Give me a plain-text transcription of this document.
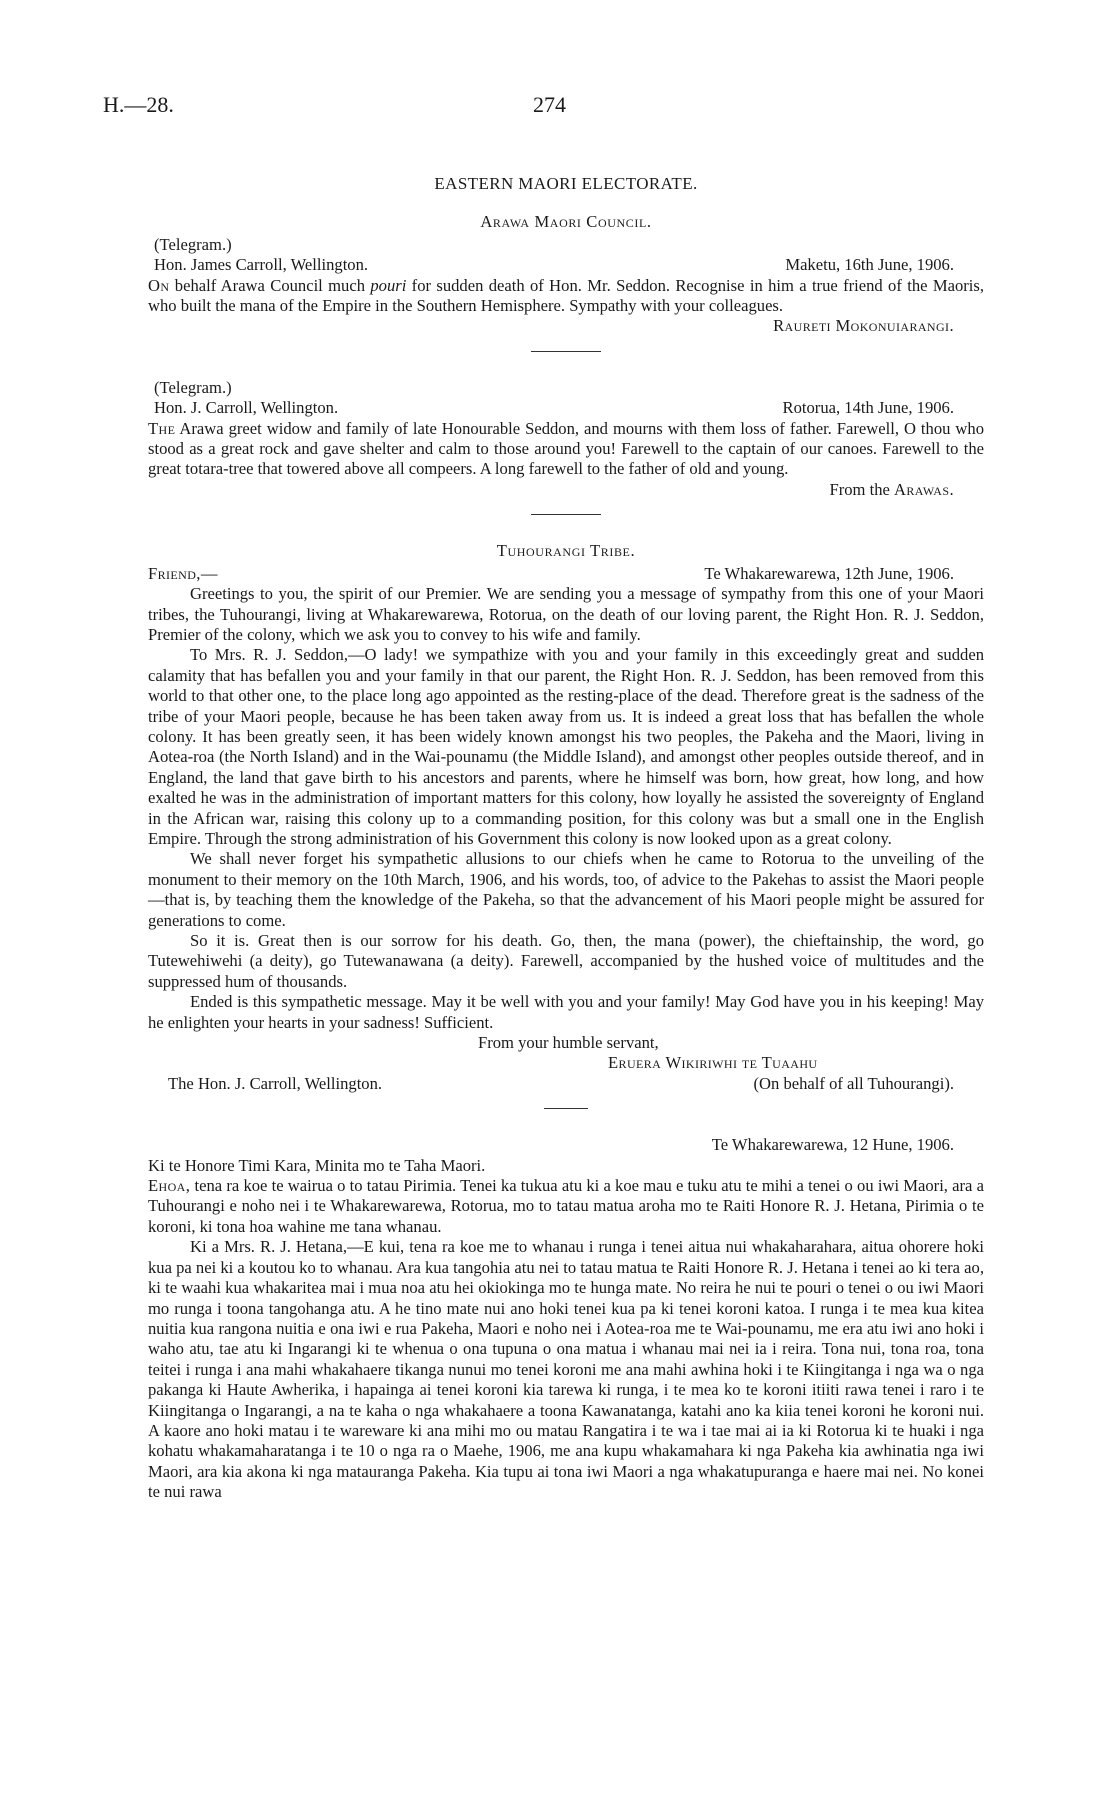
H.—28.	274
EASTERN MAORI ELECTORATE.
Arawa Maori Council.
(Telegram.)
Hon. James Carroll, Wellington.	Maketu, 16th June, 1906.

On behalf Arawa Council much pouri for sudden death of Hon. Mr. Seddon. Recognise in him a true friend of the Maoris, who built the mana of the Empire in the Southern Hemisphere. Sympathy with your colleagues.

Raureti Mokonuiarangi.
(Telegram.)
Hon. J. Carroll, Wellington.	Rotorua, 14th June, 1906.

The Arawa greet widow and family of late Honourable Seddon, and mourns with them loss of father. Farewell, O thou who stood as a great rock and gave shelter and calm to those around you! Farewell to the captain of our canoes. Farewell to the great totara-tree that towered above all compeers. A long farewell to the father of old and young.

From the Arawas.
Tuhourangi Tribe.
Friend,—	Te Whakarewarewa, 12th June, 1906.

Greetings to you, the spirit of our Premier. We are sending you a message of sympathy from this one of your Maori tribes, the Tuhourangi, living at Whakarewarewa, Rotorua, on the death of our loving parent, the Right Hon. R. J. Seddon, Premier of the colony, which we ask you to convey to his wife and family.

To Mrs. R. J. Seddon,—O lady! we sympathize with you and your family in this exceedingly great and sudden calamity that has befallen you and your family in that our parent, the Right Hon. R. J. Seddon, has been removed from this world to that other one, to the place long ago appointed as the resting-place of the dead. Therefore great is the sadness of the tribe of your Maori people, because he has been taken away from us. It is indeed a great loss that has befallen the whole colony. It has been greatly seen, it has been widely known amongst his two peoples, the Pakeha and the Maori, living in Aotea-roa (the North Island) and in the Wai-pounamu (the Middle Island), and amongst other peoples outside thereof, and in England, the land that gave birth to his ancestors and parents, where he himself was born, how great, how long, and how exalted he was in the administration of important matters for this colony, how loyally he assisted the sovereignty of England in the African war, raising this colony up to a commanding position, for this colony was but a small one in the English Empire. Through the strong administration of his Government this colony is now looked upon as a great colony.

We shall never forget his sympathetic allusions to our chiefs when he came to Rotorua to the unveiling of the monument to their memory on the 10th March, 1906, and his words, too, of advice to the Pakehas to assist the Maori people—that is, by teaching them the knowledge of the Pakeha, so that the advancement of his Maori people might be assured for generations to come.

So it is. Great then is our sorrow for his death. Go, then, the mana (power), the chieftainship, the word, go Tutewehiwehi (a deity), go Tutewanawana (a deity). Farewell, accompanied by the hushed voice of multitudes and the suppressed hum of thousands.

Ended is this sympathetic message. May it be well with you and your family! May God have you in his keeping! May he enlighten your hearts in your sadness! Sufficient.

From your humble servant,
Eruera Wikiriwhi te Tuaahu
The Hon. J. Carroll, Wellington.	(On behalf of all Tuhourangi).
Te Whakarewarewa, 12 Hune, 1906.
Ki te Honore Timi Kara, Minita mo te Taha Maori.

Ehoa, tena ra koe te wairua o to tatau Pirimia. Tenei ka tukua atu ki a koe mau e tuku atu te mihi a tenei o ou iwi Maori, ara a Tuhourangi e noho nei i te Whakarewarewa, Rotorua, mo to tatau matua aroha mo te Raiti Honore R. J. Hetana, Pirimia o te koroni, ki tona hoa wahine me tana whanau.

Ki a Mrs. R. J. Hetana,—E kui, tena ra koe me to whanau i runga i tenei aitua nui whakaharahara, aitua ohorere hoki kua pa nei ki a koutou ko to whanau. Ara kua tangohia atu nei to tatau matua te Raiti Honore R. J. Hetana i tenei ao ki tera ao, ki te waahi kua whakaritea mai i mua noa atu hei okiokinga mo te hunga mate. No reira he nui te pouri o tenei o ou iwi Maori mo runga i toona tangohanga atu. A he tino mate nui ano hoki tenei kua pa ki tenei koroni katoa. I runga i te mea kua kitea nuitia kua rangona nuitia e ona iwi e rua Pakeha, Maori e noho nei i Aotea-roa me te Wai-pounamu, me era atu iwi ano hoki i waho atu, tae atu ki Ingarangi ki te whenua o ona tupuna o ona matua i whanau mai nei ia i reira. Tona nui, tona roa, tona teitei i runga i ana mahi whakahaere tikanga nunui mo tenei koroni me ana mahi awhina hoki i te Kiingitanga i nga wa o nga pakanga ki Haute Awherika, i hapainga ai tenei koroni kia tarewa ki runga, i te mea ko te koroni itiiti rawa tenei i raro i te Kiingitanga o Ingarangi, a na te kaha o nga whakahaere a toona Kawanatanga, katahi ano ka kiia tenei koroni he koroni nui. A kaore ano hoki matau i te wareware ki ana mihi mo ou matau Rangatira i te wa i tae mai ai ia ki Rotorua ki te huaki i nga kohatu whakamaharatanga i te 10 o nga ra o Maehe, 1906, me ana kupu whakamahara ki nga Pakeha kia awhinatia nga iwi Maori, ara kia akona ki nga matauranga Pakeha. Kia tupu ai tona iwi Maori a nga whakatupuranga e haere mai nei. No konei te nui rawa
